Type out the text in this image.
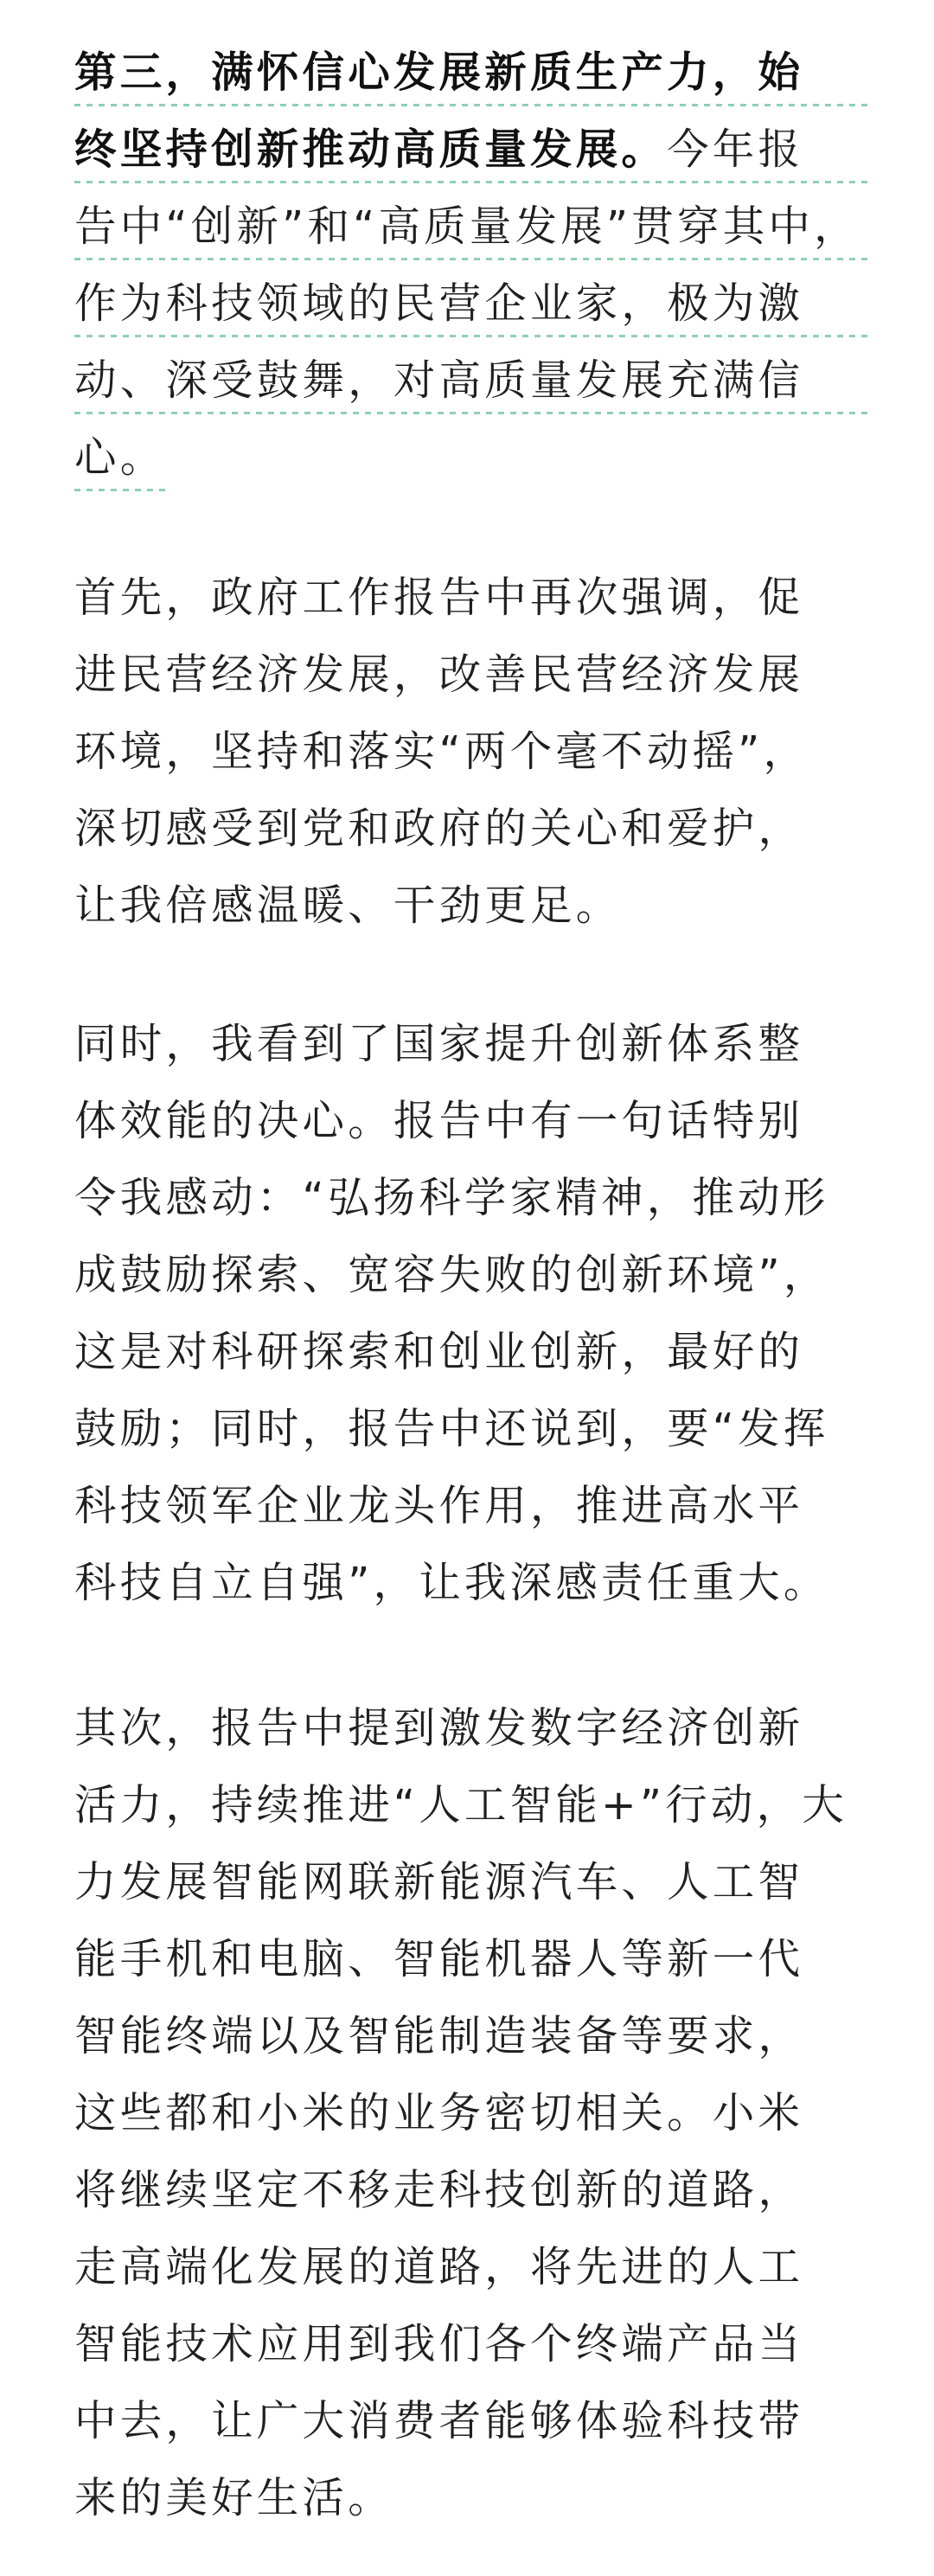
第三，满怀信心发展新质生产力，始
终坚持创新推动高质量发展。今年报
告中“创新”和“高质量发展”贯穿其中，
作为科技领域的民营企业家，极为激
动、深受鼓舞，对高质量发展充满信
心。
首先，政府工作报告中再次强调，促
进民营经济发展，改善民营经济发展
环境，坚持和落实“两个毫不动摇”，
深切感受到党和政府的关心和爱护，
让我倍感温暖、干劲更足。
同时，我看到了国家提升创新体系整
体效能的决心。报告中有一句话特别
令我感动：“弘扬科学家精神，推动形
成鼓励探索、宽容失败的创新环境”，
这是对科研探索和创业创新，最好的
鼓励；同时，报告中还说到，要“发挥
科技领军企业龙头作用，推进高水平
科技自立自强”，让我深感责任重大。
其次，报告中提到激发数字经济创新
活力，持续推进“人工智能+”行动，大
力发展智能网联新能源汽车、人工智
能手机和电脑、智能机器人等新一代
智能终端以及智能制造装备等要求，
这些都和小米的业务密切相关。小米
将继续坚定不移走科技创新的道路，
走高端化发展的道路，将先进的人工
智能技术应用到我们各个终端产品当
中去，让广大消费者能够体验科技带
来的美好生活。
